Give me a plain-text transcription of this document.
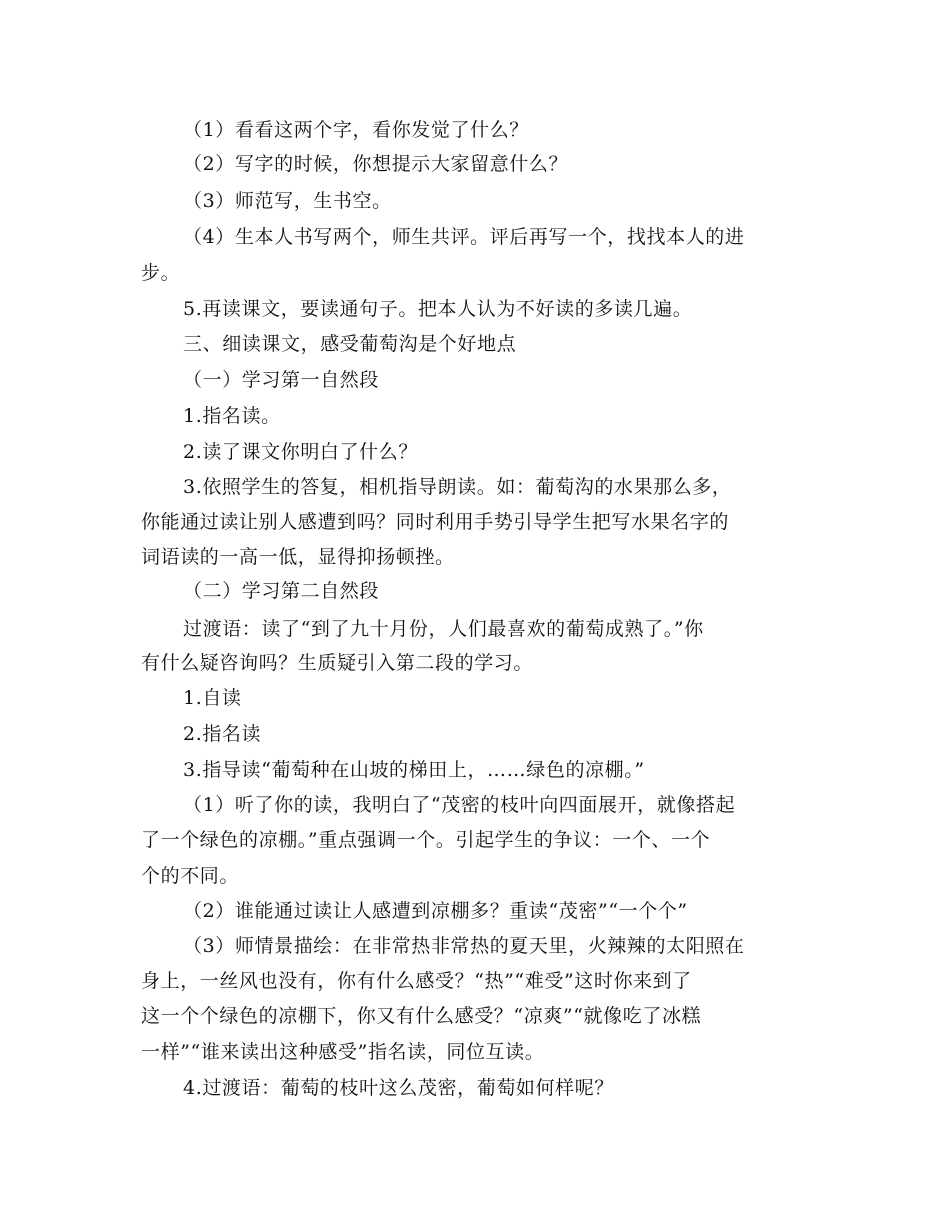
（1）看看这两个字，看你发觉了什么？
（2）写字的时候，你想提示大家留意什么？
（3）师范写，生书空。
（4）生本人书写两个，师生共评。评后再写一个，找找本人的进
步。
5.再读课文，要读通句子。把本人认为不好读的多读几遍。
三、细读课文，感受葡萄沟是个好地点
（一）学习第一自然段
1.指名读。
2.读了课文你明白了什么？
3.依照学生的答复，相机指导朗读。如：葡萄沟的水果那么多，
你能通过读让别人感遭到吗？同时利用手势引导学生把写水果名字的
词语读的一高一低，显得抑扬顿挫。
（二）学习第二自然段
过渡语：读了“到了九十月份，人们最喜欢的葡萄成熟了。”你
有什么疑咨询吗？生质疑引入第二段的学习。
1.自读
2.指名读
3.指导读“葡萄种在山坡的梯田上，……绿色的凉棚。”
（1）听了你的读，我明白了“茂密的枝叶向四面展开，就像搭起
了一个绿色的凉棚。”重点强调一个。引起学生的争议：一个、一个
个的不同。
（2）谁能通过读让人感遭到凉棚多？重读“茂密”“一个个”
（3）师情景描绘：在非常热非常热的夏天里，火辣辣的太阳照在
身上，一丝风也没有，你有什么感受？“热”“难受”这时你来到了
这一个个绿色的凉棚下，你又有什么感受？“凉爽”“就像吃了冰糕
一样”“谁来读出这种感受”指名读，同位互读。
4.过渡语：葡萄的枝叶这么茂密，葡萄如何样呢？
